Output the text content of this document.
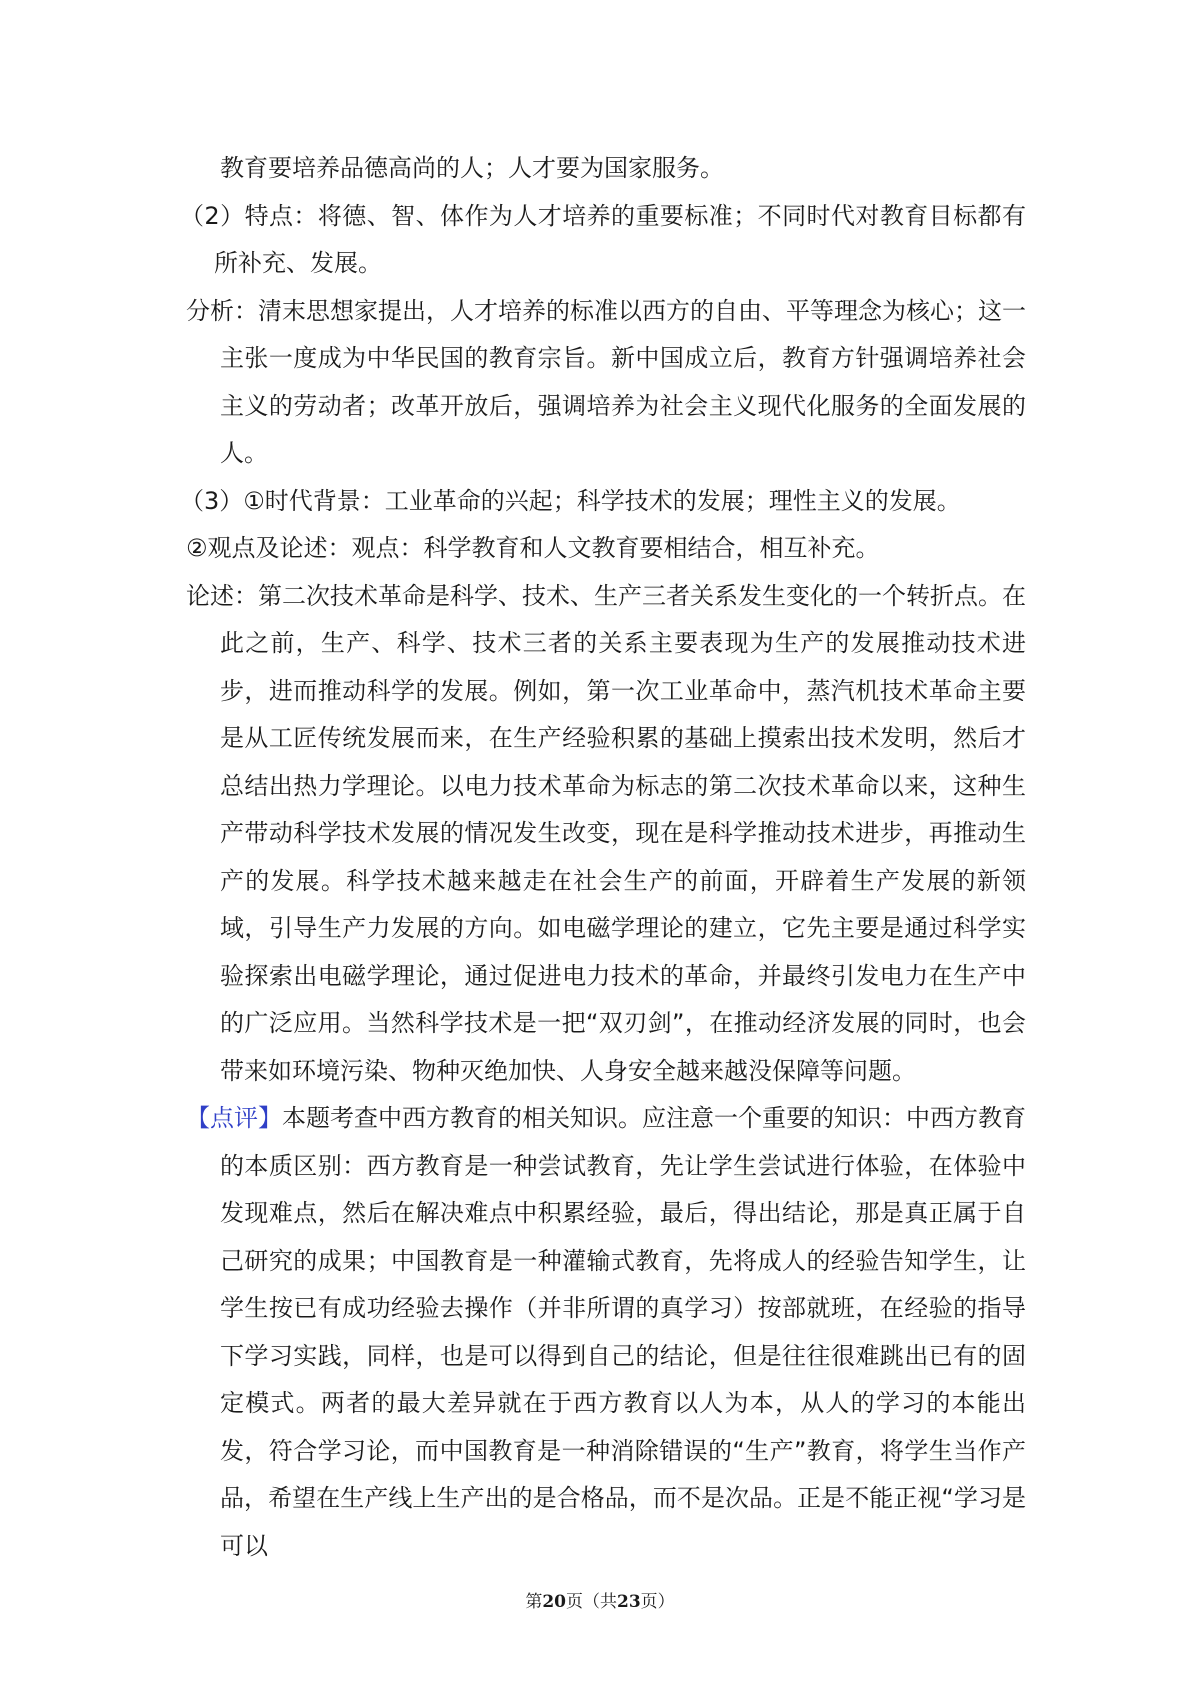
教育要培养品德高尚的人；人才要为国家服务。

（2）特点：将德、智、体作为人才培养的重要标准；不同时代对教育目标都有所补充、发展。

分析：清末思想家提出，人才培养的标准以西方的自由、平等理念为核心；这一主张一度成为中华民国的教育宗旨。新中国成立后，教育方针强调培养社会主义的劳动者；改革开放后，强调培养为社会主义现代化服务的全面发展的人。

（3）①时代背景：工业革命的兴起；科学技术的发展；理性主义的发展。

②观点及论述：观点：科学教育和人文教育要相结合，相互补充。

论述：第二次技术革命是科学、技术、生产三者关系发生变化的一个转折点。在此之前，生产、科学、技术三者的关系主要表现为生产的发展推动技术进步，进而推动科学的发展。例如，第一次工业革命中，蒸汽机技术革命主要是从工匠传统发展而来，在生产经验积累的基础上摸索出技术发明，然后才总结出热力学理论。以电力技术革命为标志的第二次技术革命以来，这种生产带动科学技术发展的情况发生改变，现在是科学推动技术进步，再推动生产的发展。科学技术越来越走在社会生产的前面，开辟着生产发展的新领域，引导生产力发展的方向。如电磁学理论的建立，它先主要是通过科学实验探索出电磁学理论，通过促进电力技术的革命，并最终引发电力在生产中的广泛应用。当然科学技术是一把“双刃剑”，在推动经济发展的同时，也会带来如环境污染、物种灭绝加快、人身安全越来越没保障等问题。

【点评】本题考查中西方教育的相关知识。应注意一个重要的知识：中西方教育的本质区别：西方教育是一种尝试教育，先让学生尝试进行体验，在体验中发现难点，然后在解决难点中积累经验，最后，得出结论，那是真正属于自己研究的成果；中国教育是一种灌输式教育，先将成人的经验告知学生，让学生按已有成功经验去操作（并非所谓的真学习）按部就班，在经验的指导下学习实践，同样，也是可以得到自己的结论，但是往往很难跳出已有的固定模式。两者的最大差异就在于西方教育以人为本，从人的学习的本能出发，符合学习论，而中国教育是一种消除错误的“生产”教育，将学生当作产品，希望在生产线上生产出的是合格品，而不是次品。正是不能正视“学习是可以

第20页（共23页）
